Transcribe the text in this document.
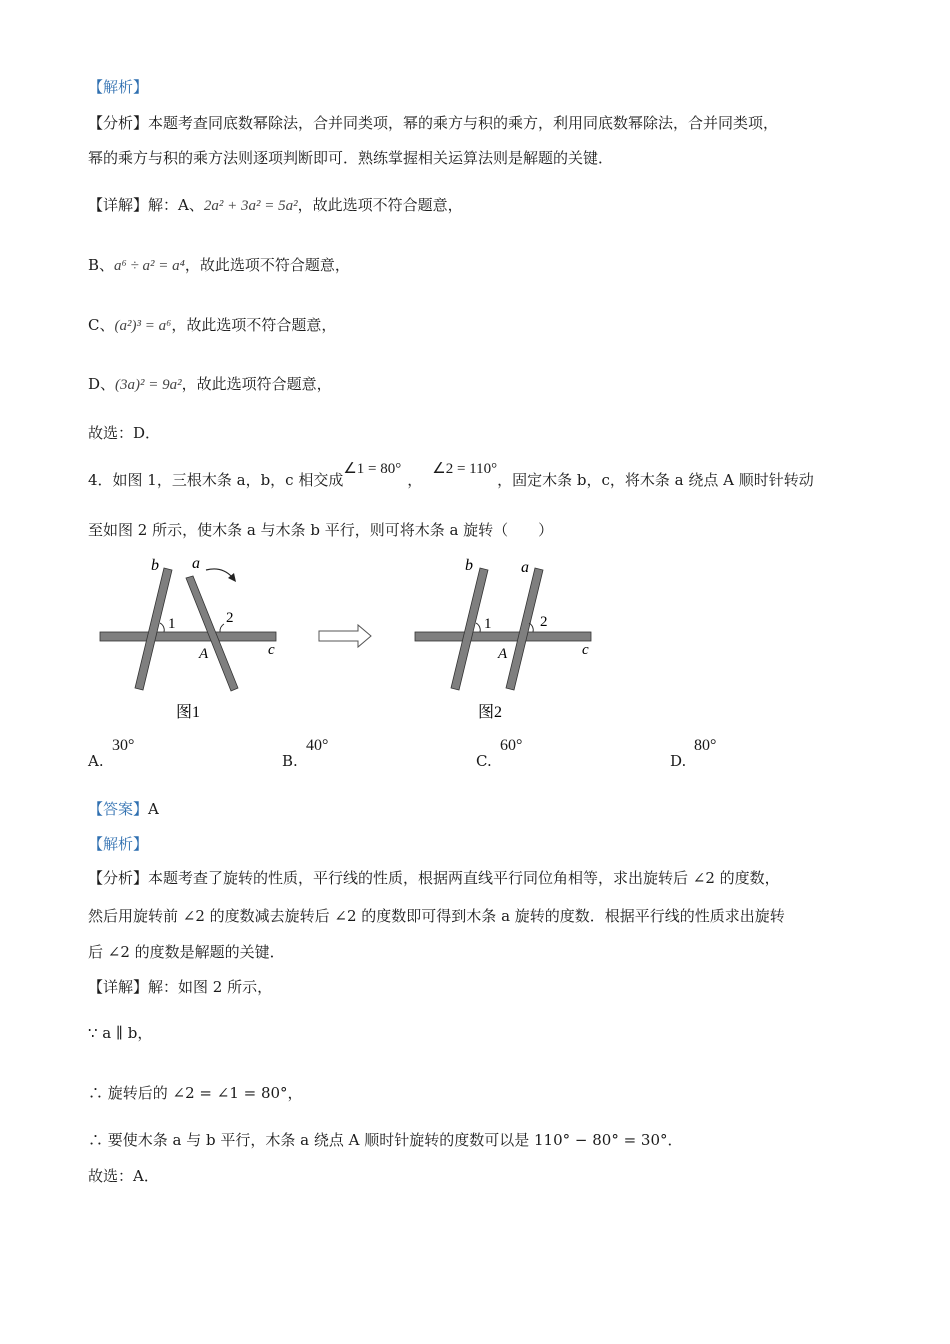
【解析】
【分析】本题考查同底数幂除法，合并同类项，幂的乘方与积的乘方，利用同底数幂除法，合并同类项，
幂的乘方与积的乘方法则逐项判断即可．熟练掌握相关运算法则是解题的关键．
【详解】解：A、2a² + 3a² = 5a²，故此选项不符合题意，
B、a⁶ ÷ a² = a⁴，故此选项不符合题意，
C、(a²)³ = a⁶，故此选项不符合题意，
D、(3a)² = 9a²，故此选项符合题意，
故选：D．
4．如图 1，三根木条 a，b，c 相交成∠1 = 80°，∠2 = 110°，固定木条 b，c，将木条 a 绕点 A 顺时针转动
至如图 2 所示，使木条 a 与木条 b 平行，则可将木条 a 旋转（　　）
b a
1	2
A	c
图1
b	a
1	2
A	c
图2
A.
30°
B.
40°
C.
60°
D.
80°
【答案】A
【解析】
【分析】本题考查了旋转的性质，平行线的性质，根据两直线平行同位角相等，求出旋转后 ∠2 的度数，
然后用旋转前 ∠2 的度数减去旋转后 ∠2 的度数即可得到木条 a 旋转的度数．根据平行线的性质求出旋转
后 ∠2 的度数是解题的关键．
【详解】解：如图 2 所示，
∵ a ∥ b，
∴ 旋转后的 ∠2 = ∠1 = 80°，
∴ 要使木条 a 与 b 平行，木条 a 绕点 A 顺时针旋转的度数可以是 110° − 80° = 30°．
故选：A．
